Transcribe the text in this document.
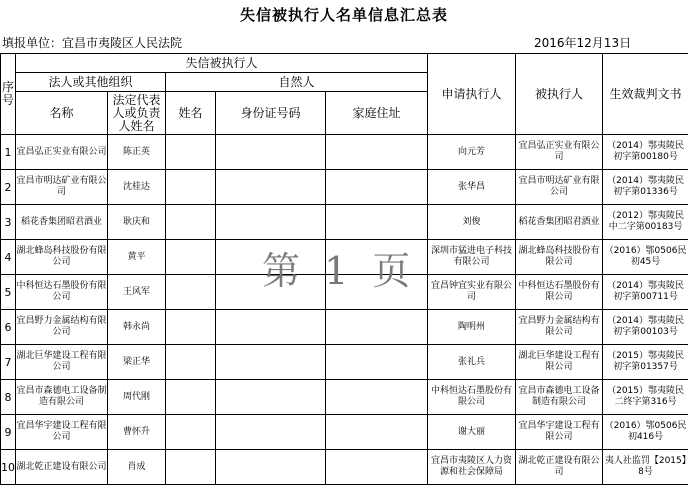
失信被执行人名单信息汇总表
填报单位：宜昌市夷陵区人民法院	2016年12月13日
序号	失信被执行人					申请执行人	被执行人	生效裁判文书
	法人或其他组织		自然人					
	名称	法定代表人或负责人姓名	姓名	身份证号码	家庭住址			
1	宜昌弘正实业有限公司	陈正英				向元芳	宜昌弘正实业有限公司	（2014）鄂夷陵民初字第00180号
2	宜昌市明达矿业有限公司	沈桂达				张华昌	宜昌市明达矿业有限公司	（2014）鄂夷陵民初字第01336号
3	稻花香集团昭君酒业	耿庆和				刘俊	稻花香集团昭君酒业	（2012）鄂夷陵民中二字第00183号
4	湖北蜂岛科技股份有限公司	黄平				深圳市猛进电子科技有限公司	湖北蜂岛科技股份有限公司	（2016）鄂0506民初45号
5	中科恒达石墨股份有限公司	王风军				宜昌钟宜实业有限公司	中科恒达石墨股份有限公司	（2014）鄂夷陵民初字第00711号
6	宜昌野力金属结构有限公司	韩永尚				陶明州	宜昌野力金属结构有限公司	（2014）鄂夷陵民初字第00103号
7	湖北巨华建设工程有限公司	梁正华				张礼兵	湖北巨华建设工程有限公司	（2015）鄂夷陵民初字第01357号
8	宜昌市森德电工设备制造有限公司	周代刚				中科恒达石墨股份有限公司	宜昌市森德电工设备制造有限公司	（2015）鄂夷陵民二终字第316号
9	宜昌华宇建设工程有限公司	曹怀升				谢大丽	宜昌华宇建设工程有限公司	（2016）鄂0506民初416号
10	湖北乾正建设有限公司	肖成				宜昌市夷陵区人力资源和社会保障局	湖北乾正建设有限公司	夷人社监罚【2015】8号
第 1 页
